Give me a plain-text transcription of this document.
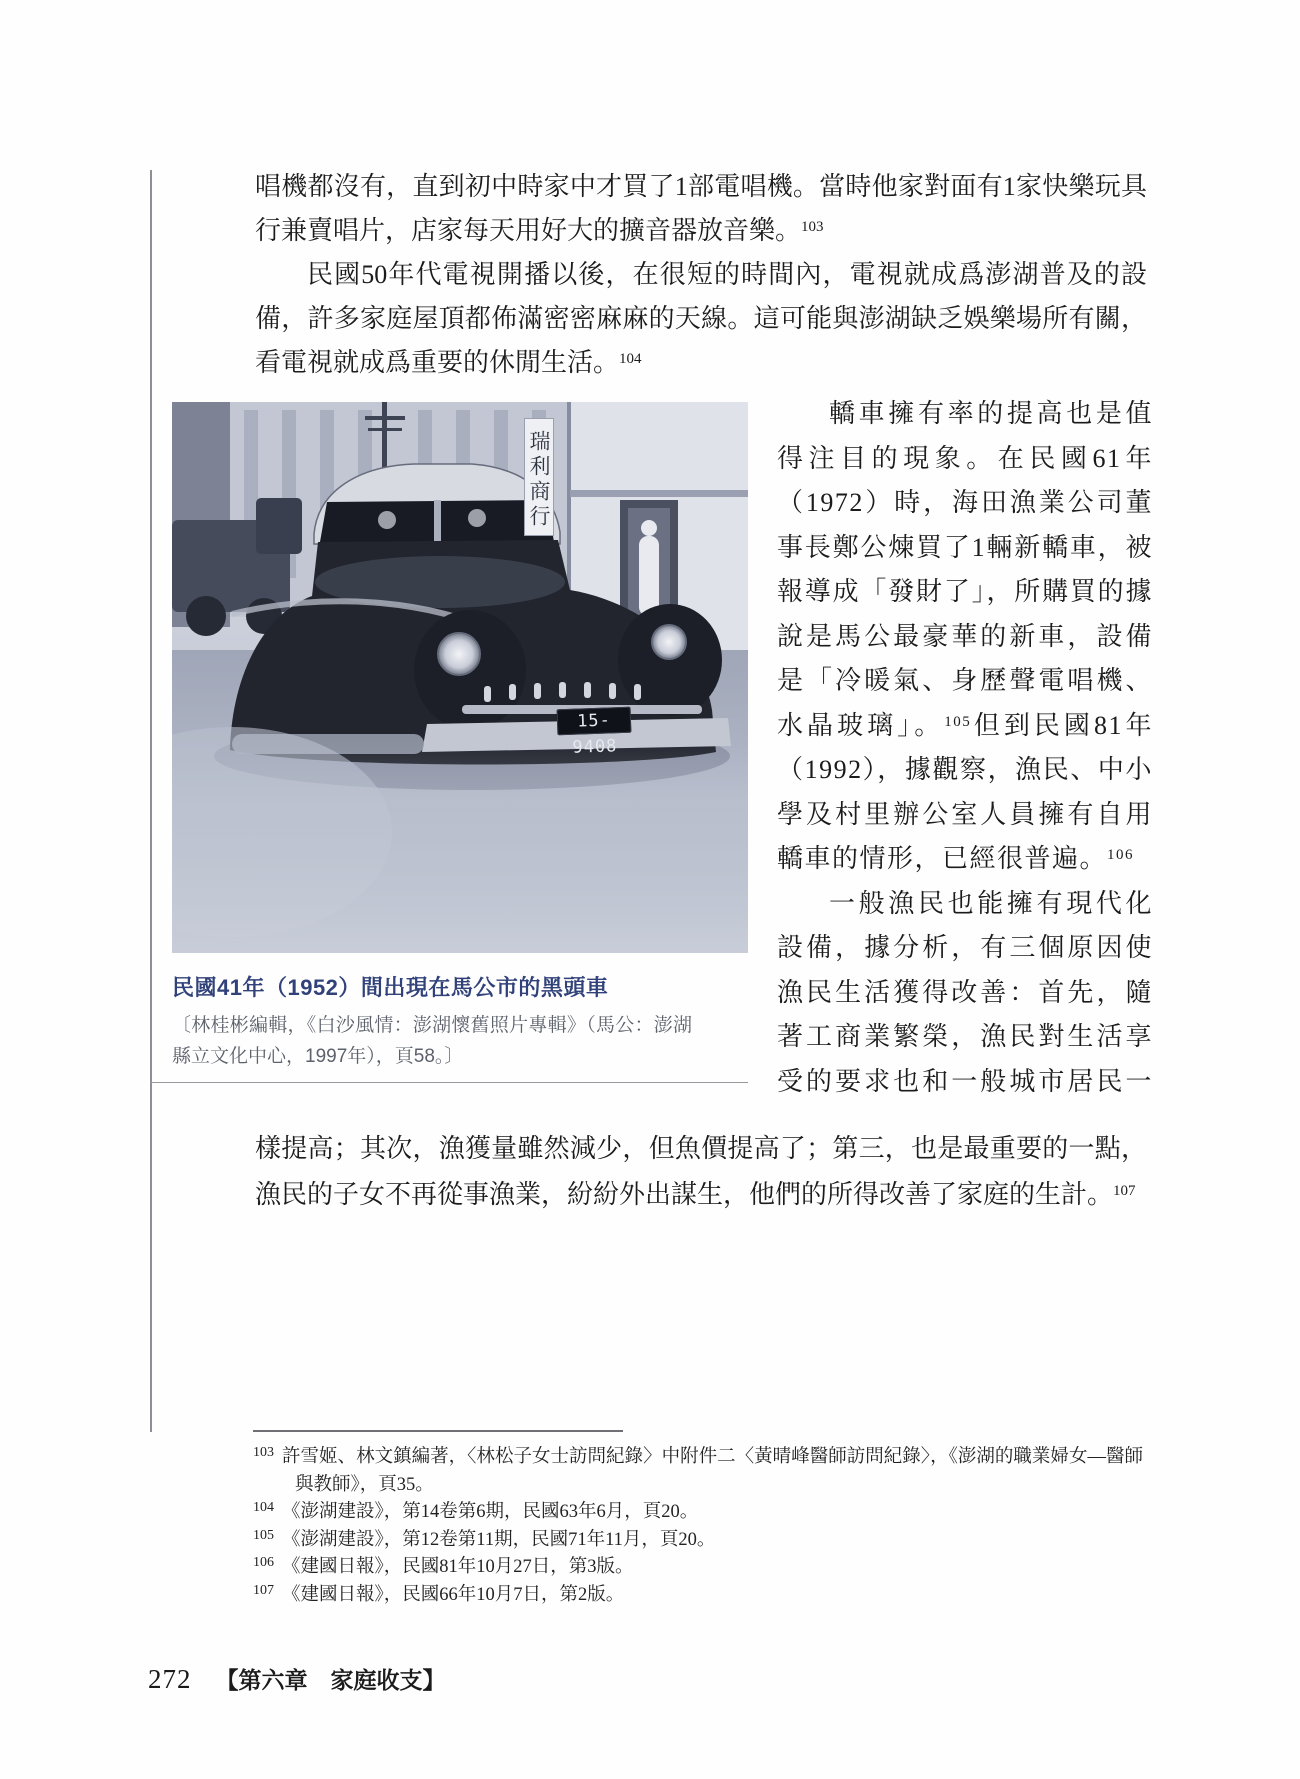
唱機都沒有，直到初中時家中才買了1部電唱機。當時他家對面有1家快樂玩具行兼賣唱片，店家每天用好大的擴音器放音樂。$^{103}$

民國50年代電視開播以後，在很短的時間內，電視就成爲澎湖普及的設備，許多家庭屋頂都佈滿密密麻麻的天線。這可能與澎湖缺乏娛樂場所有關，看電視就成爲重要的休閒生活。$^{104}$

瑞利商行
15-9408
民國41年（1952）間出現在馬公市的黑頭車
〔林桂彬編輯，《白沙風情：澎湖懷舊照片專輯》（馬公：澎湖縣立文化中心，1997年），頁58。〕

轎車擁有率的提高也是值得注目的現象。在民國61年（1972）時，海田漁業公司董事長鄭公煉買了1輛新轎車，被報導成「發財了」，所購買的據說是馬公最豪華的新車，設備是「冷暖氣、身歷聲電唱機、水晶玻璃」。$^{105}$但到民國81年（1992），據觀察，漁民、中小學及村里辦公室人員擁有自用轎車的情形，已經很普遍。$^{106}$

一般漁民也能擁有現代化設備，據分析，有三個原因使漁民生活獲得改善：首先，隨著工商業繁榮，漁民對生活享受的要求也和一般城市居民一

樣提高；其次，漁獲量雖然減少，但魚價提高了；第三，也是最重要的一點，漁民的子女不再從事漁業，紛紛外出謀生，他們的所得改善了家庭的生計。$^{107}$

$^{103}$ 許雪姬、林文鎮編著，〈林松子女士訪問紀錄〉中附件二〈黃晴峰醫師訪問紀錄〉，《澎湖的職業婦女—醫師與教師》，頁35。
$^{104}$ 《澎湖建設》，第14卷第6期，民國63年6月，頁20。
$^{105}$ 《澎湖建設》，第12卷第11期，民國71年11月，頁20。
$^{106}$ 《建國日報》，民國81年10月27日，第3版。
$^{107}$ 《建國日報》，民國66年10月7日，第2版。
272 【第六章　家庭收支】
